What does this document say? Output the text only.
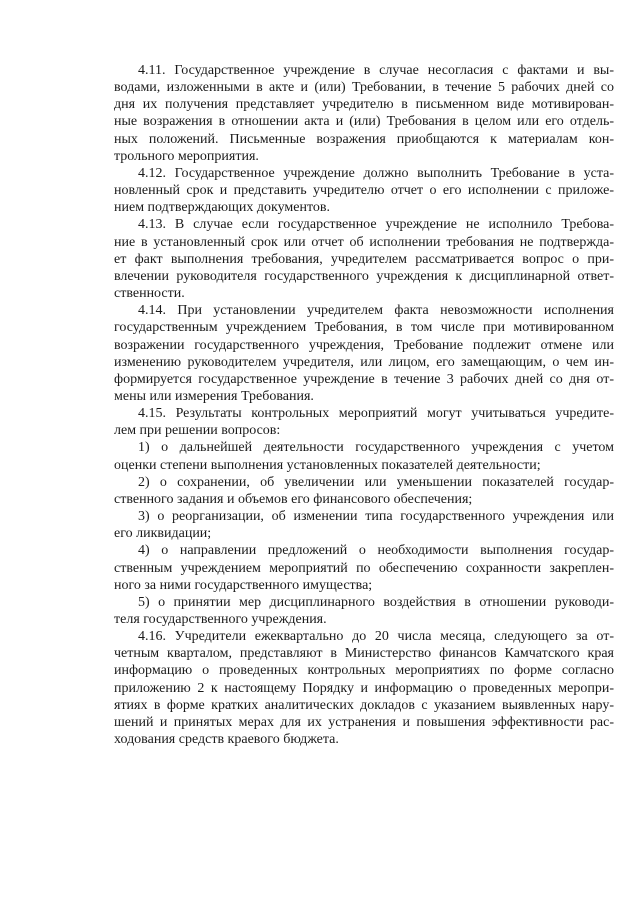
4.11. Государственное учреждение в случае несогласия с фактами и вы-
водами, изложенными в акте и (или) Требовании, в течение 5 рабочих дней со
дня их получения представляет учредителю в письменном виде мотивирован-
ные возражения в отношении акта и (или) Требования в целом или его отдель-
ных положений. Письменные возражения приобщаются к материалам кон-
трольного мероприятия.
4.12. Государственное учреждение должно выполнить Требование в уста-
новленный срок и представить учредителю отчет о его исполнении с приложе-
нием подтверждающих документов.
4.13. В случае если государственное учреждение не исполнило Требова-
ние в установленный срок или отчет об исполнении требования не подтвержда-
ет факт выполнения требования, учредителем рассматривается вопрос о при-
влечении руководителя государственного учреждения к дисциплинарной ответ-
ственности.
4.14. При установлении учредителем факта невозможности исполнения
государственным учреждением Требования, в том числе при мотивированном
возражении государственного учреждения, Требование подлежит отмене или
изменению руководителем учредителя, или лицом, его замещающим, о чем ин-
формируется государственное учреждение в течение 3 рабочих дней со дня от-
мены или измерения Требования.
4.15. Результаты контрольных мероприятий могут учитываться учредите-
лем при решении вопросов:
1) о дальнейшей деятельности государственного учреждения с учетом
оценки степени выполнения установленных показателей деятельности;
2) о сохранении, об увеличении или уменьшении показателей государ-
ственного задания и объемов его финансового обеспечения;
3) о реорганизации, об изменении типа государственного учреждения или
его ликвидации;
4) о направлении предложений о необходимости выполнения государ-
ственным учреждением мероприятий по обеспечению сохранности закреплен-
ного за ними государственного имущества;
5) о принятии мер дисциплинарного воздействия в отношении руководи-
теля государственного учреждения.
4.16. Учредители ежеквартально до 20 числа месяца, следующего за от-
четным кварталом, представляют в Министерство финансов Камчатского края
информацию о проведенных контрольных мероприятиях по форме согласно
приложению 2 к настоящему Порядку и информацию о проведенных меропри-
ятиях в форме кратких аналитических докладов с указанием выявленных нару-
шений и принятых мерах для их устранения и повышения эффективности рас-
ходования средств краевого бюджета.
